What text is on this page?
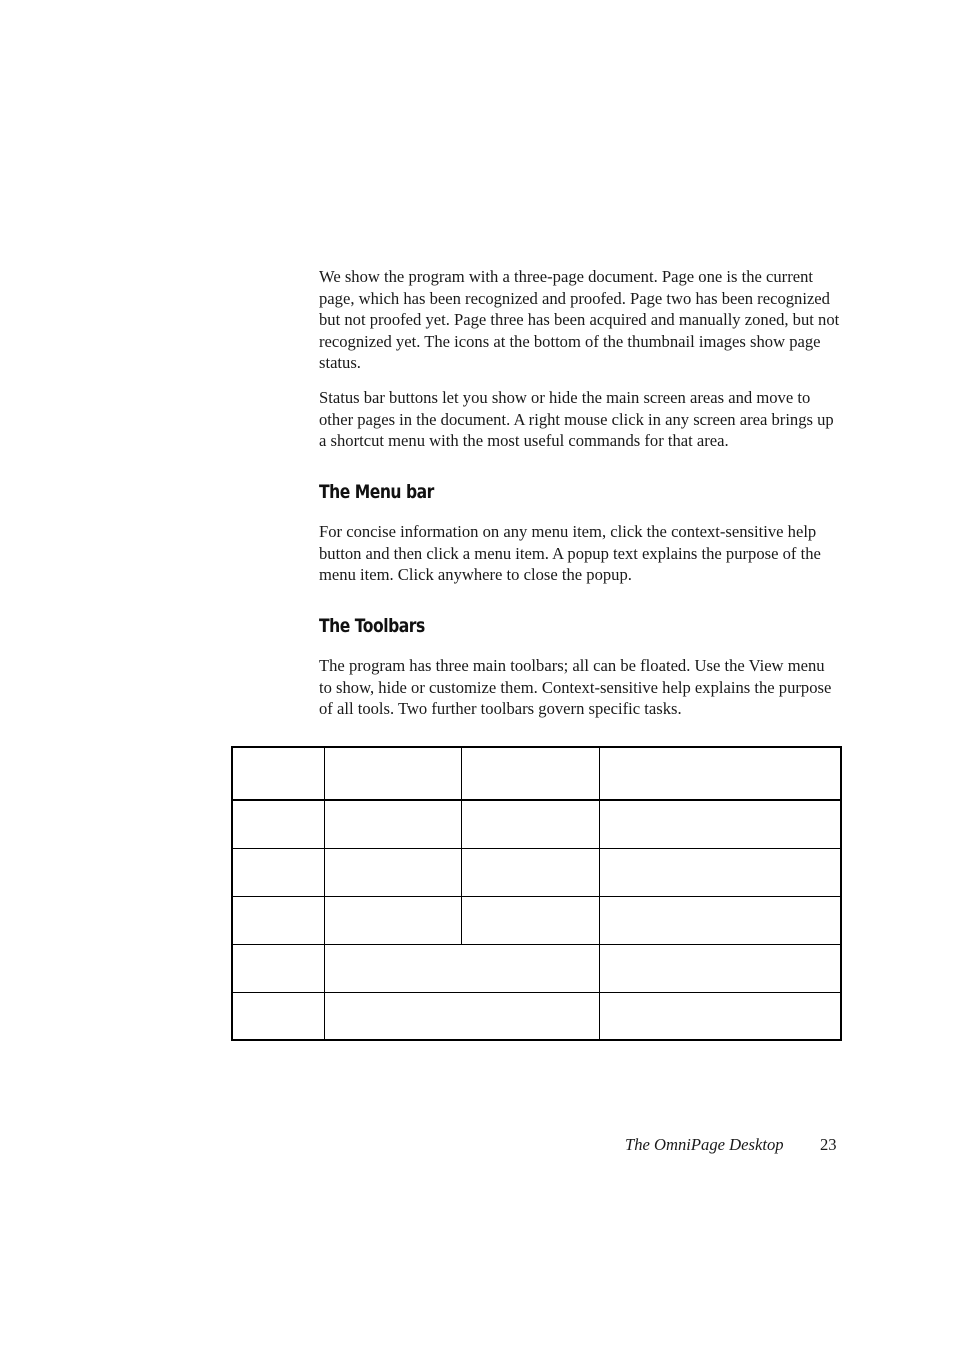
We show the program with a three-page document. Page one is the current page, which has been recognized and proofed. Page two has been recognized but not proofed yet. Page three has been acquired and manually zoned, but not recognized yet. The icons at the bottom of the thumbnail images show page status.

Status bar buttons let you show or hide the main screen areas and move to other pages in the document. A right mouse click in any screen area brings up a shortcut menu with the most useful commands for that area.

The Menu bar

For concise information on any menu item, click the context-sensitive help button and then click a menu item. A popup text explains the purpose of the menu item. Click anywhere to close the popup.

The Toolbars

The program has three main toolbars; all can be floated. Use the View menu to show, hide or customize them. Context-sensitive help explains the purpose of all tools. Two further toolbars govern specific tasks.

The OmniPage Desktop 23
